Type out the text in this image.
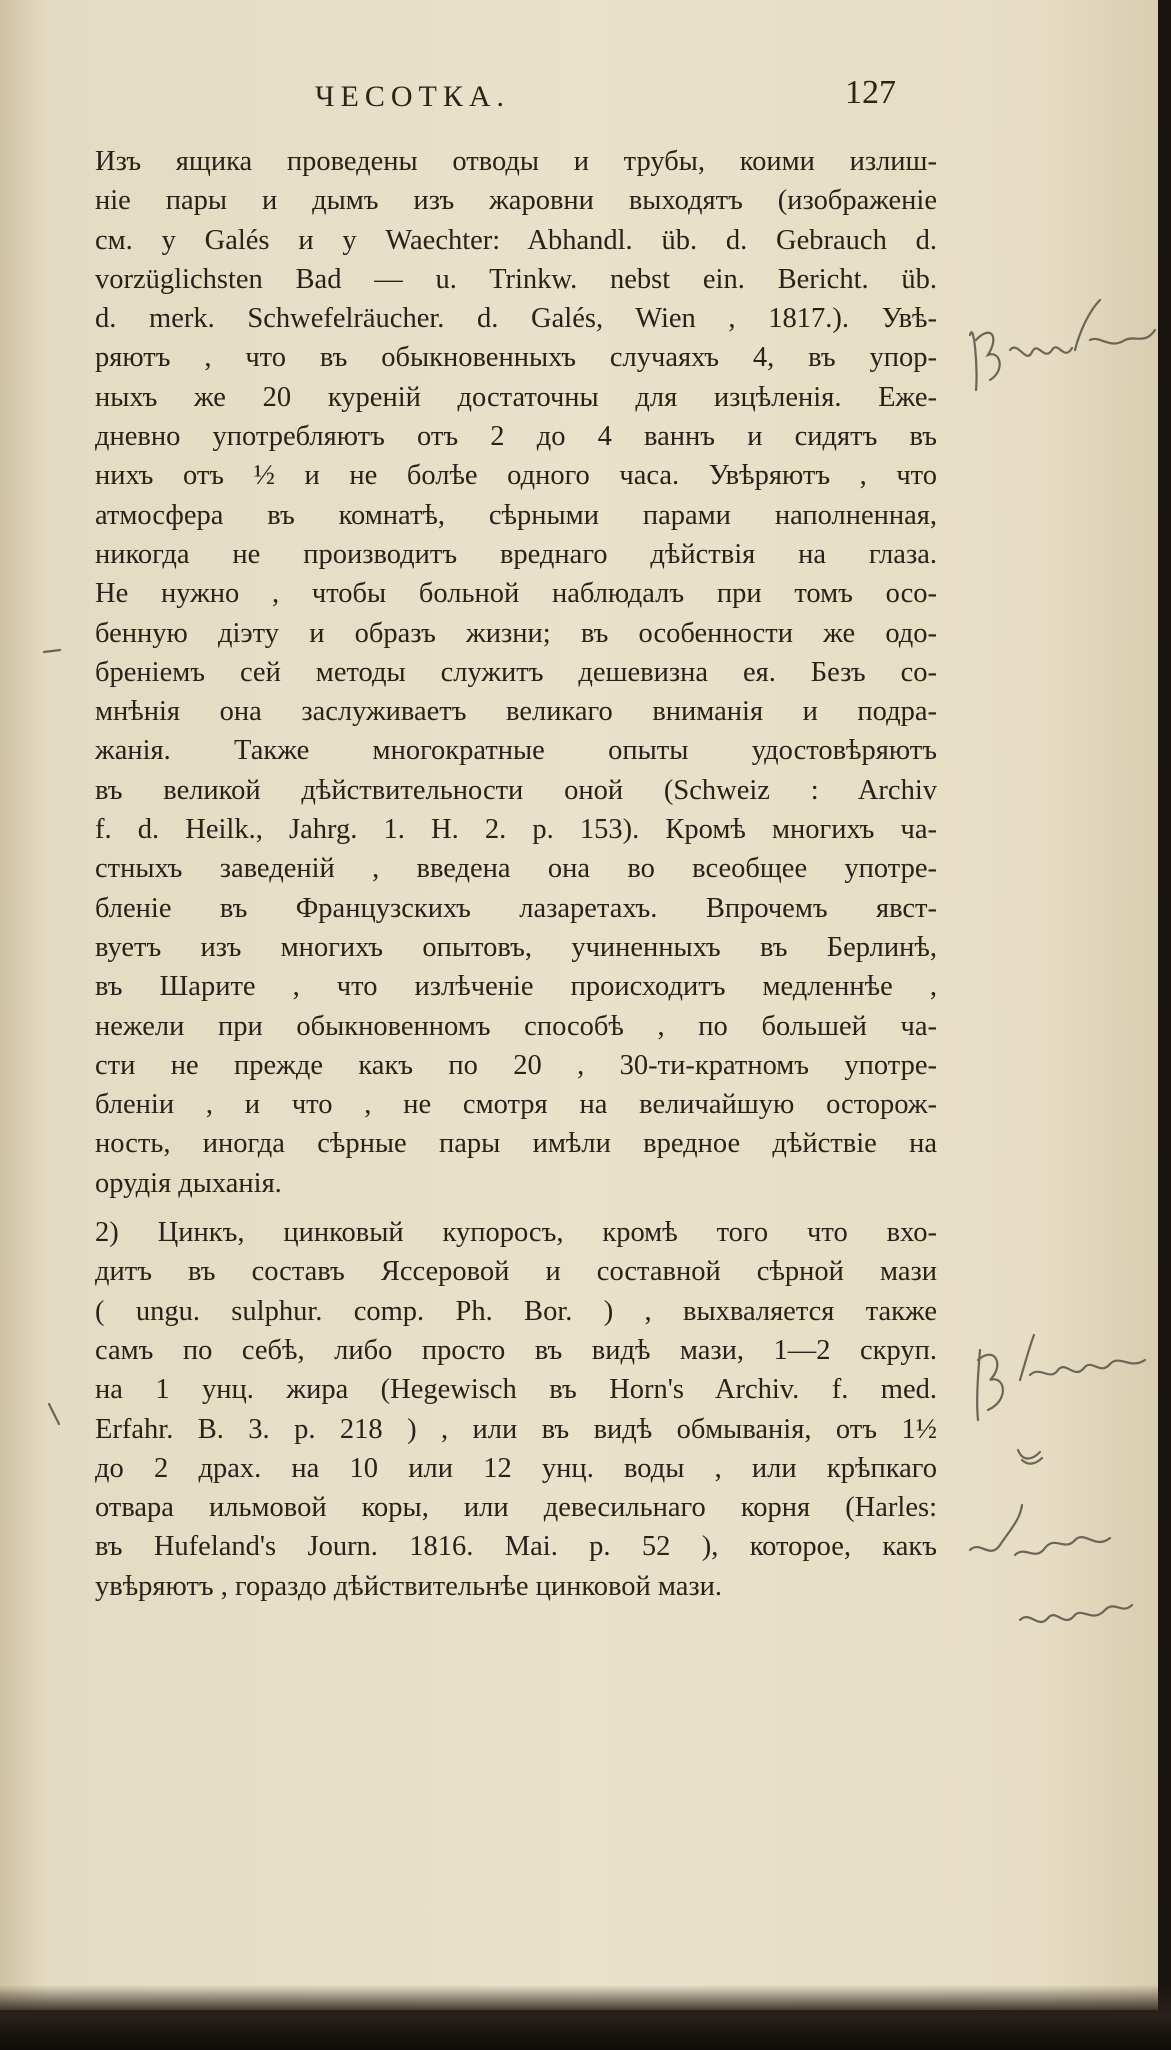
ЧЕСОТКА.	127
Изъ ящика проведены отводы и трубы, коими излиш-
ніе пары и дымъ изъ жаровни выходятъ (изображеніе
см. у Galés и у Waechter: Abhandl. üb. d. Gebrauch d.
vorzüglichsten Bad — u. Trinkw. nebst ein. Bericht. üb.
d. merk. Schwefelräucher. d. Galés, Wien , 1817.). Увѣ-
ряютъ , что въ обыкновенныхъ случаяхъ 4, въ упор-
ныхъ же 20 куреній достаточны для изцѣленія. Еже-
дневно употребляютъ отъ 2 до 4 ваннъ и сидятъ въ
нихъ отъ ½ и не болѣе одного часа. Увѣряютъ , что
атмосфера въ комнатѣ, сѣрными парами наполненная,
никогда не производитъ вреднаго дѣйствія на глаза.
Не нужно , чтобы больной наблюдалъ при томъ осо-
бенную діэту и образъ жизни; въ особенности же одо-
бреніемъ сей методы служитъ дешевизна ея. Безъ со-
мнѣнія она заслуживаетъ великаго вниманія и подра-
жанія. Также многократные опыты удостовѣряютъ
въ великой дѣйствительности оной (Schweiz : Archiv
f. d. Heilk., Jahrg. 1. H. 2. p. 153). Кромѣ многихъ ча-
стныхъ заведеній , введена она во всеобщее употре-
бленіе въ Французскихъ лазаретахъ. Впрочемъ явст-
вуетъ изъ многихъ опытовъ, учиненныхъ въ Берлинѣ,
въ Шарите , что излѣченіе происходитъ медленнѣе ,
нежели при обыкновенномъ способѣ , по большей ча-
сти не прежде какъ по 20 , 30-ти-кратномъ употре-
бленіи , и что , не смотря на величайшую осторож-
ность, иногда сѣрные пары имѣли вредное дѣйствіе на
орудія дыханія.
2) Цинкъ, цинковый купоросъ, кромѣ того что вхо-
дитъ въ составъ Яссеровой и составной сѣрной мази
( ungu. sulphur. comp. Ph. Bor. ) , выхваляется также
самъ по себѣ, либо просто въ видѣ мази, 1—2 скруп.
на 1 унц. жира (Hegewisch въ Horn's Archiv. f. med.
Erfahr. B. 3. p. 218 ) , или въ видѣ обмыванія, отъ 1½
до 2 драх. на 10 или 12 унц. воды , или крѣпкаго
отвара ильмовой коры, или девесильнаго корня (Harles:
въ Hufeland's Journ. 1816. Mai. p. 52 ), которое, какъ
увѣряютъ , гораздо дѣйствительнѣе цинковой мази.
